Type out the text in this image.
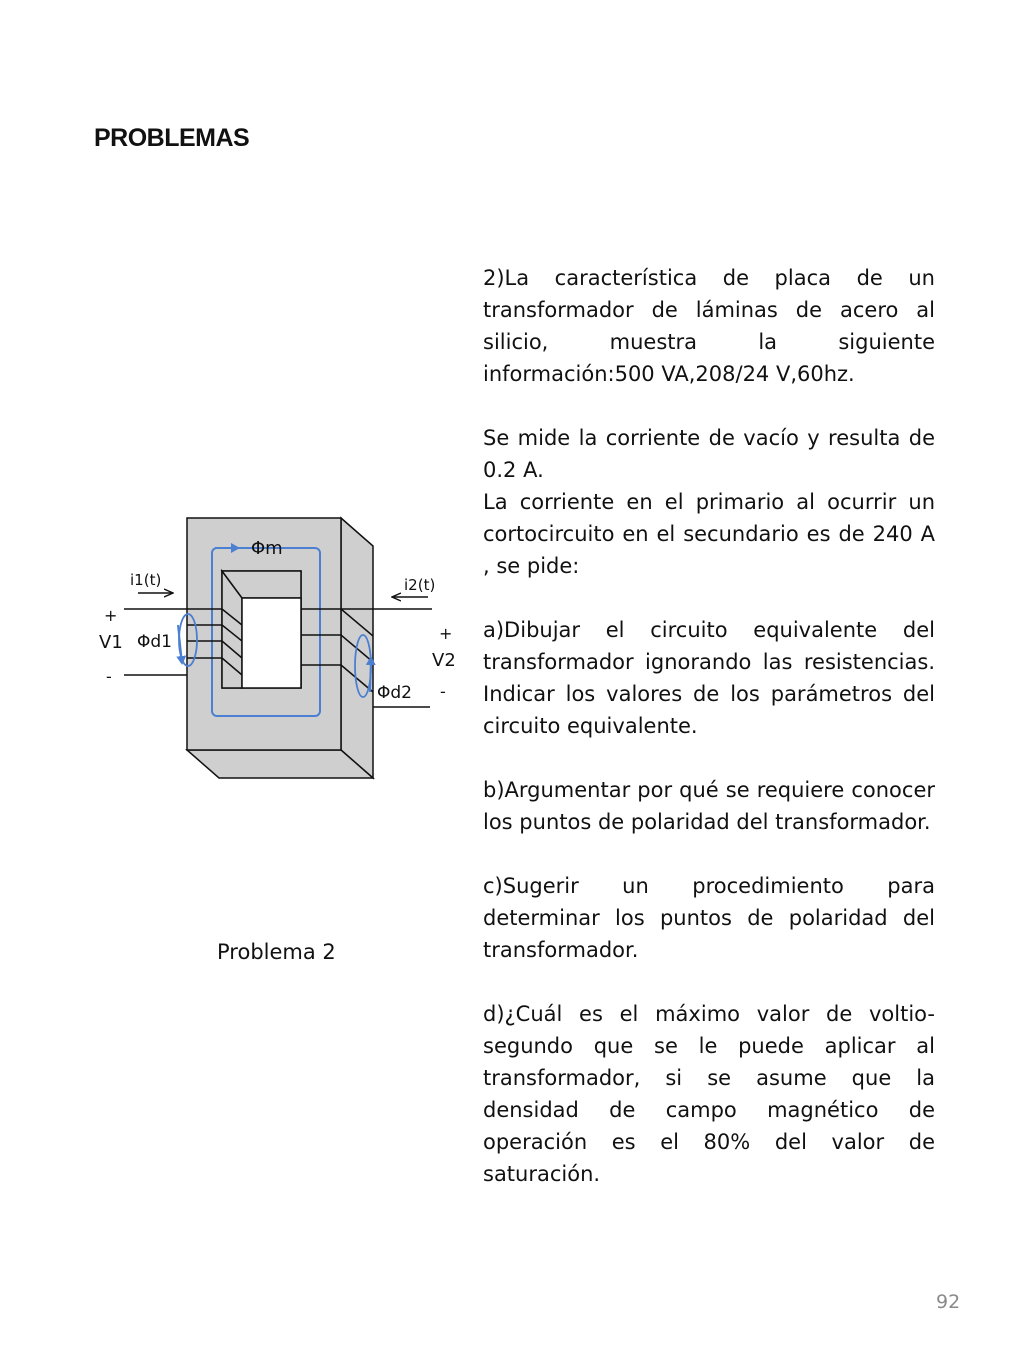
PROBLEMAS
Φm
i1(t)	i2(t)
+
V1
-
Φd1	+
V2
-
Φd2
Problema 2

2)La característica de placa de un transformador de láminas de acero al silicio, muestra la siguiente información:500 VA,208/24 V,60hz.

Se mide la corriente de vacío y resulta de 0.2 A.

La corriente en el primario al ocurrir un cortocircuito en el secundario es de 240 A , se pide:

a)Dibujar el circuito equivalente del transformador ignorando las resistencias. Indicar los valores de los parámetros del circuito equivalente.

b)Argumentar por qué se requiere conocer los puntos de polaridad del transformador.

c)Sugerir un procedimiento para determinar los puntos de polaridad del transformador.

d)¿Cuál es el máximo valor de voltio-segundo que se le puede aplicar al transformador, si se asume que la densidad de campo magnético de operación es el 80% del valor de saturación.

92
